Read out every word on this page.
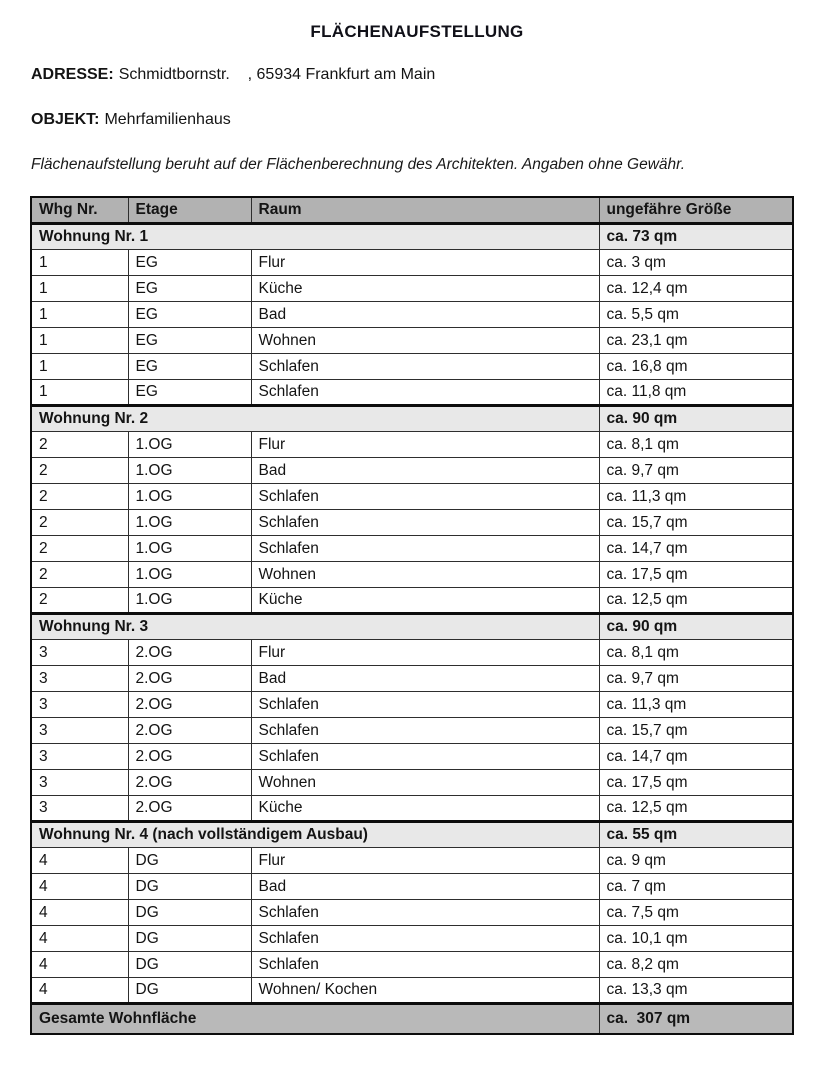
FLÄCHENAUFSTELLUNG

ADRESSE: Schmidtbornstr.    , 65934 Frankfurt am Main

OBJEKT: Mehrfamilienhaus

Flächenaufstellung beruht auf der Flächenberechnung des Architekten. Angaben ohne Gewähr.

Whg Nr.	Etage	Raum	ungefähre Größe
Wohnung Nr. 1			ca. 73 qm
1	EG	Flur	ca. 3 qm
1	EG	Küche	ca. 12,4 qm
1	EG	Bad	ca. 5,5 qm
1	EG	Wohnen	ca. 23,1 qm
1	EG	Schlafen	ca. 16,8 qm
1	EG	Schlafen	ca. 11,8 qm
Wohnung Nr. 2			ca. 90 qm
2	1.OG	Flur	ca. 8,1 qm
2	1.OG	Bad	ca. 9,7 qm
2	1.OG	Schlafen	ca. 11,3 qm
2	1.OG	Schlafen	ca. 15,7 qm
2	1.OG	Schlafen	ca. 14,7 qm
2	1.OG	Wohnen	ca. 17,5 qm
2	1.OG	Küche	ca. 12,5 qm
Wohnung Nr. 3			ca. 90 qm
3	2.OG	Flur	ca. 8,1 qm
3	2.OG	Bad	ca. 9,7 qm
3	2.OG	Schlafen	ca. 11,3 qm
3	2.OG	Schlafen	ca. 15,7 qm
3	2.OG	Schlafen	ca. 14,7 qm
3	2.OG	Wohnen	ca. 17,5 qm
3	2.OG	Küche	ca. 12,5 qm
Wohnung Nr. 4 (nach vollständigem Ausbau)			ca. 55 qm
4	DG	Flur	ca. 9 qm
4	DG	Bad	ca. 7 qm
4	DG	Schlafen	ca. 7,5 qm
4	DG	Schlafen	ca. 10,1 qm
4	DG	Schlafen	ca. 8,2 qm
4	DG	Wohnen/ Kochen	ca. 13,3 qm
Gesamte Wohnfläche			ca.  307 qm
